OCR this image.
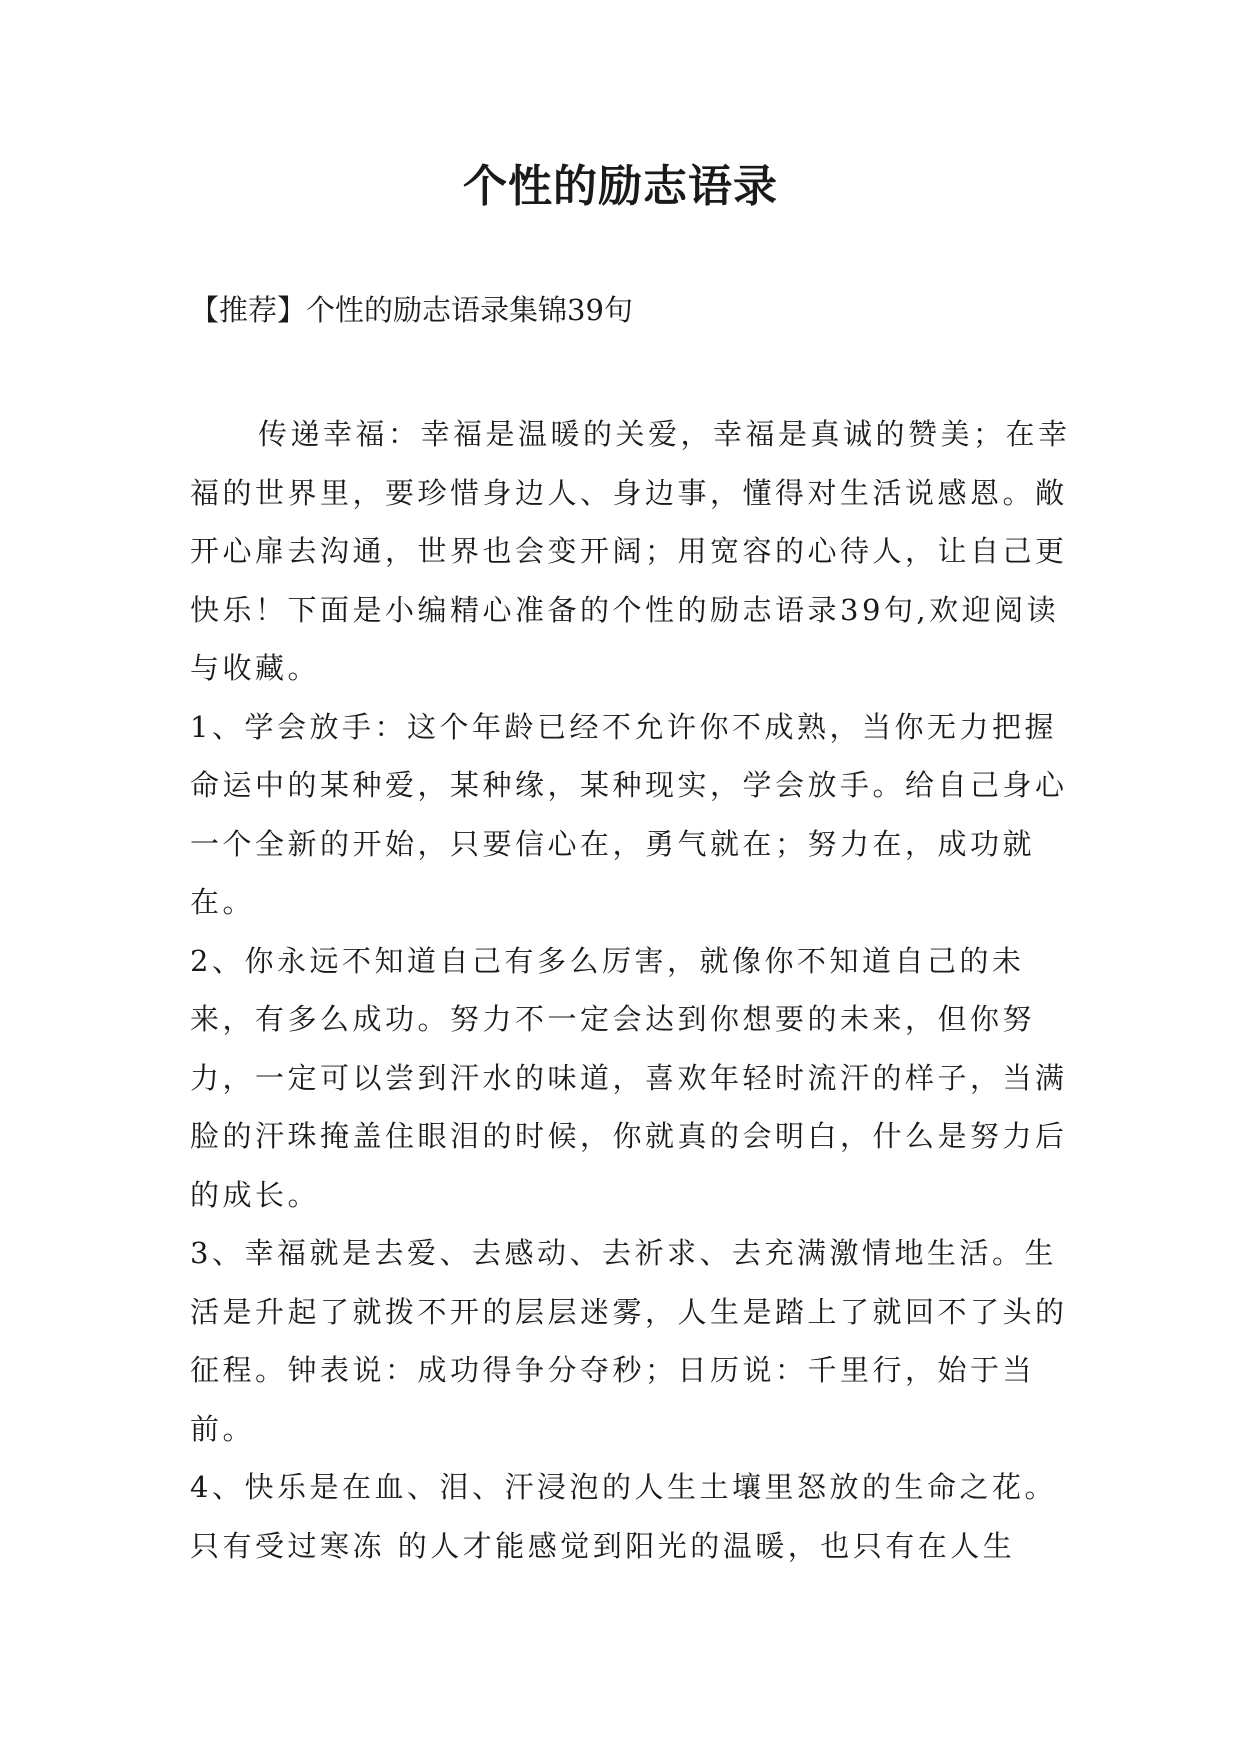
个性的励志语录

【推荐】个性的励志语录集锦39句

传递幸福：幸福是温暖的关爱，幸福是真诚的赞美；在幸福的世界里，要珍惜身边人、身边事，懂得对生活说感恩。敞开心扉去沟通，世界也会变开阔；用宽容的心待人，让自己更快乐！下面是小编精心准备的个性的励志语录39句,欢迎阅读与收藏。

1、学会放手：这个年龄已经不允许你不成熟，当你无力把握命运中的某种爱，某种缘，某种现实，学会放手。给自己身心一个全新的开始，只要信心在，勇气就在；努力在，成功就在。

2、你永远不知道自己有多么厉害，就像你不知道自己的未来，有多么成功。努力不一定会达到你想要的未来，但你努力，一定可以尝到汗水的味道，喜欢年轻时流汗的样子，当满脸的汗珠掩盖住眼泪的时候，你就真的会明白，什么是努力后的成长。

3、幸福就是去爱、去感动、去祈求、去充满激情地生活。生活是升起了就拨不开的层层迷雾，人生是踏上了就回不了头的征程。钟表说：成功得争分夺秒；日历说：千里行，始于当前。

4、快乐是在血、泪、汗浸泡的人生土壤里怒放的生命之花。只有受过寒冻 的人才能感觉到阳光的温暖，也只有在人生
